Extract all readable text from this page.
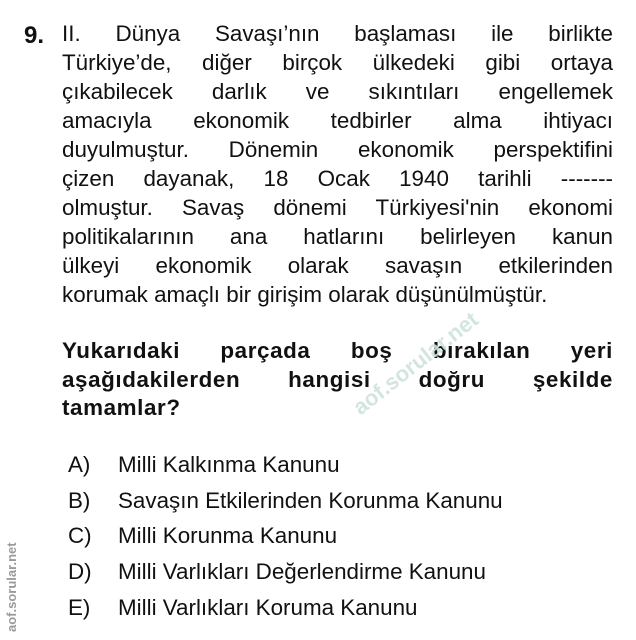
9. II. Dünya Savaşı’nın başlaması ile birlikte
Türkiye’de, diğer birçok ülkedeki gibi ortaya
çıkabilecek darlık ve sıkıntıları engellemek
amacıyla ekonomik tedbirler alma ihtiyacı
duyulmuştur. Dönemin ekonomik perspektifini
çizen dayanak, 18 Ocak 1940 tarihli -------
olmuştur. Savaş dönemi Türkiyesi'nin ekonomi
politikalarının ana hatlarını belirleyen kanun
ülkeyi ekonomik olarak savaşın etkilerinden
korumak amaçlı bir girişim olarak düşünülmüştür.
Yukarıdaki parçada boş bırakılan yeri
aşağıdakilerden hangisi doğru şekilde
tamamlar?
A)	Milli Kalkınma Kanunu
B)	Savaşın Etkilerinden Korunma Kanunu
C)	Milli Korunma Kanunu
D)	Milli Varlıkları Değerlendirme Kanunu
E)	Milli Varlıkları Koruma Kanunu
aof.sorular.net
aof.sorular.net
